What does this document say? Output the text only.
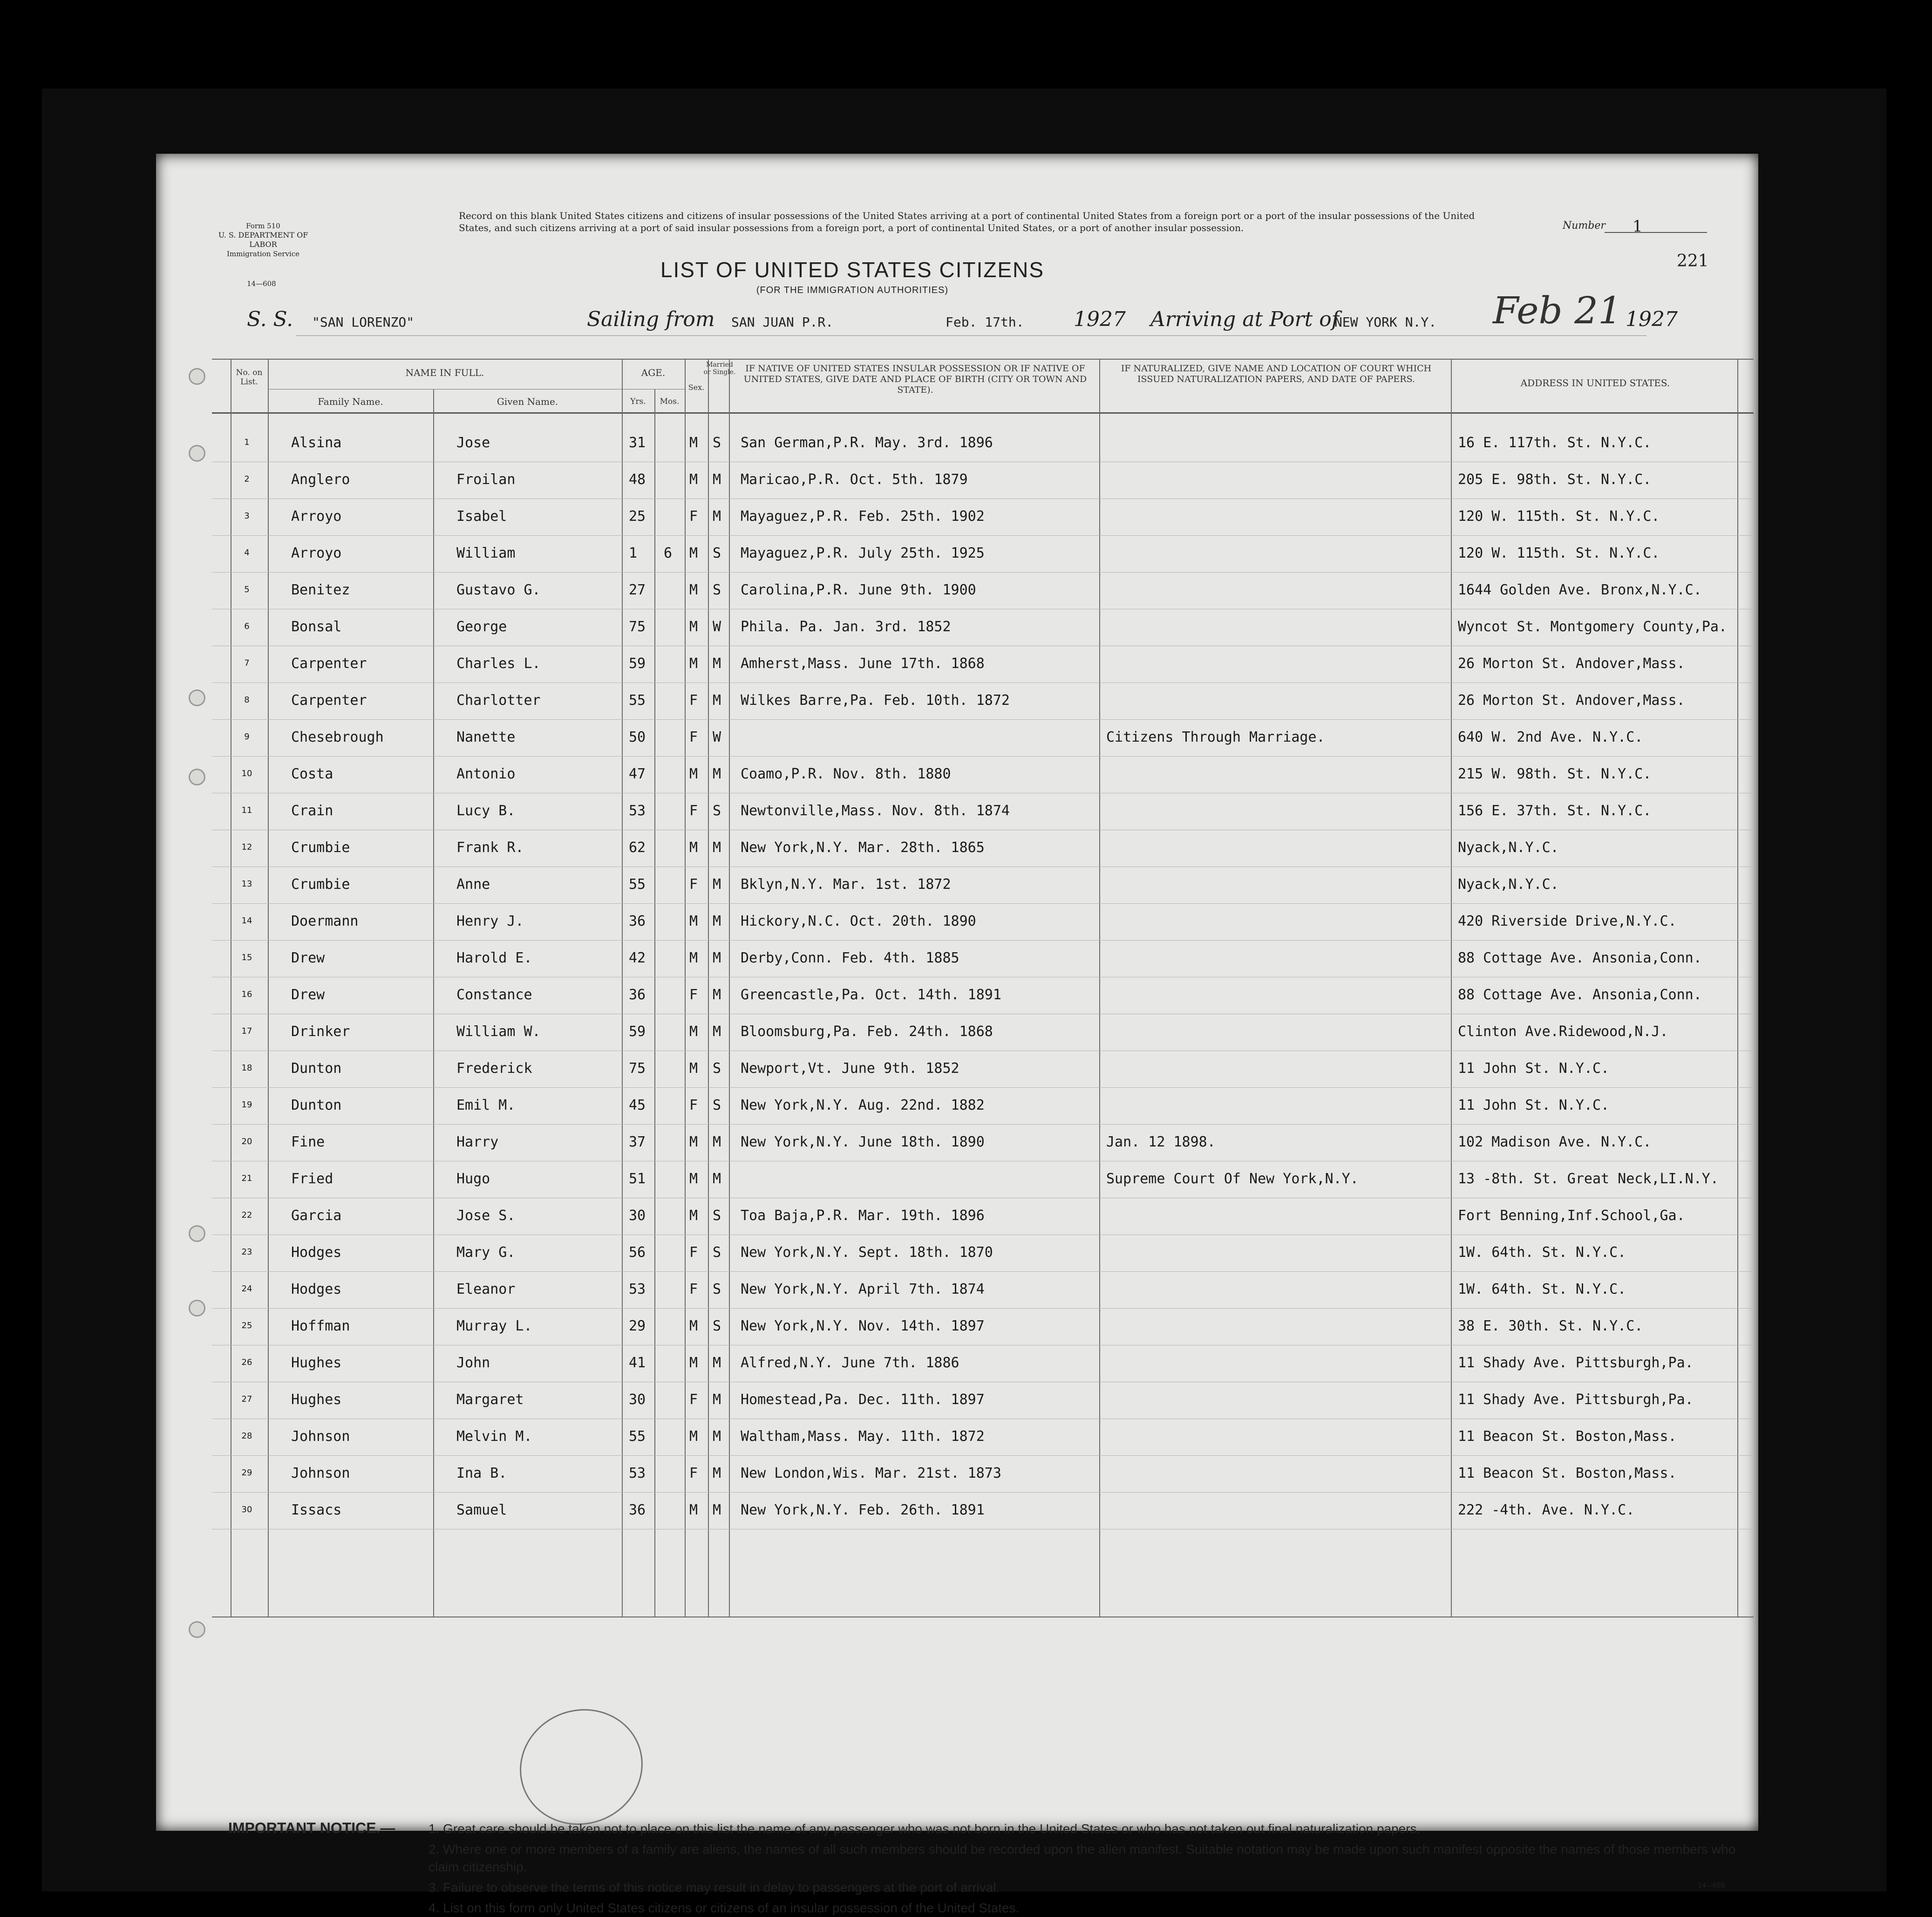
Form 510
U. S. DEPARTMENT OF LABOR
Immigration Service
14—608
Record on this blank United States citizens and citizens of insular possessions of the United States arriving at a port of continental United States from a foreign port or a port of the insular possessions of the United States, and such citizens arriving at a port of said insular possessions from a foreign port, a port of continental United States, or a port of another insular possession.	Number 1
221
LIST OF UNITED STATES CITIZENS
(FOR THE IMMIGRATION AUTHORITIES)
S. S. "SAN LORENZO"	Sailing from SAN JUAN P.R.	Feb. 17th. 1927 Arriving at Port of
NEW YORK N.Y. Feb 21 1927
No. on List.
NAME IN FULL.
Family Name.	Given Name.
AGE.
Yrs.	Mos.
Sex.
Married or Single.	IF NATIVE OF UNITED STATES INSULAR POSSESSION OR IF NATIVE OF UNITED STATES, GIVE DATE AND PLACE OF BIRTH (CITY OR TOWN AND STATE).
IF NATURALIZED, GIVE NAME AND LOCATION OF COURT WHICH ISSUED NATURALIZATION PAPERS, AND DATE OF PAPERS.	ADDRESS IN UNITED STATES.
1	Alsina	Jose	31	M S San German,P.R. May. 3rd. 1896	16 E. 117th. St. N.Y.C.
2	Anglero	Froilan	48	M M Maricao,P.R. Oct. 5th. 1879	205 E. 98th. St. N.Y.C.
3	Arroyo	Isabel	25	F M Mayaguez,P.R. Feb. 25th. 1902	120 W. 115th. St. N.Y.C.
4	Arroyo	William	1 6 M S Mayaguez,P.R. July 25th. 1925	120 W. 115th. St. N.Y.C.
5	Benitez	Gustavo G.	27	M S Carolina,P.R. June 9th. 1900	1644 Golden Ave. Bronx,N.Y.C.
6	Bonsal	George	75	M W Phila. Pa. Jan. 3rd. 1852	Wyncot St. Montgomery County,Pa.
7	Carpenter	Charles L.	59	M M Amherst,Mass. June 17th. 1868	26 Morton St. Andover,Mass.
8	Carpenter	Charlotter	55	F M Wilkes Barre,Pa. Feb. 10th. 1872	26 Morton St. Andover,Mass.
9	Chesebrough	Nanette	50	F W	Citizens Through Marriage.	640 W. 2nd Ave. N.Y.C.
10	Costa	Antonio	47	M M Coamo,P.R. Nov. 8th. 1880	215 W. 98th. St. N.Y.C.
11	Crain	Lucy B.	53	F S Newtonville,Mass. Nov. 8th. 1874	156 E. 37th. St. N.Y.C.
12	Crumbie	Frank R.	62	M M New York,N.Y. Mar. 28th. 1865	Nyack,N.Y.C.
13	Crumbie	Anne	55	F M Bklyn,N.Y. Mar. 1st. 1872	Nyack,N.Y.C.
14	Doermann	Henry J.	36	M M Hickory,N.C. Oct. 20th. 1890	420 Riverside Drive,N.Y.C.
15	Drew	Harold E.	42	M M Derby,Conn. Feb. 4th. 1885	88 Cottage Ave. Ansonia,Conn.
16	Drew	Constance	36	F M Greencastle,Pa. Oct. 14th. 1891	88 Cottage Ave. Ansonia,Conn.
17	Drinker	William W.	59	M M Bloomsburg,Pa. Feb. 24th. 1868	Clinton Ave.Ridewood,N.J.
18	Dunton	Frederick	75	M S Newport,Vt. June 9th. 1852	11 John St. N.Y.C.
19	Dunton	Emil M.	45	F S New York,N.Y. Aug. 22nd. 1882	11 John St. N.Y.C.
20	Fine	Harry	37	M M New York,N.Y. June 18th. 1890	Jan. 12 1898.	102 Madison Ave. N.Y.C.
21	Fried	Hugo	51	M M	Supreme Court Of New York,N.Y.	13 -8th. St. Great Neck,LI.N.Y.
22	Garcia	Jose S.	30	M S Toa Baja,P.R. Mar. 19th. 1896	Fort Benning,Inf.School,Ga.
23	Hodges	Mary G.	56	F S New York,N.Y. Sept. 18th. 1870	1W. 64th. St. N.Y.C.
24	Hodges	Eleanor	53	F S New York,N.Y. April 7th. 1874	1W. 64th. St. N.Y.C.
25	Hoffman	Murray L.	29	M S New York,N.Y. Nov. 14th. 1897	38 E. 30th. St. N.Y.C.
26	Hughes	John	41	M M Alfred,N.Y. June 7th. 1886	11 Shady Ave. Pittsburgh,Pa.
27	Hughes	Margaret	30	F M Homestead,Pa. Dec. 11th. 1897	11 Shady Ave. Pittsburgh,Pa.
28	Johnson	Melvin M.	55	M M Waltham,Mass. May. 11th. 1872	11 Beacon St. Boston,Mass.
29	Johnson	Ina B.	53	F M New London,Wis. Mar. 21st. 1873	11 Beacon St. Boston,Mass.
30	Issacs	Samuel	36	M M New York,N.Y. Feb. 26th. 1891	222 -4th. Ave. N.Y.C.
IMPORTANT NOTICE.—	1. Great care should be taken not to place on this list the name of any passenger who was not born in the United States or who has not taken out final naturalization papers.
2. Where one or more members of a family are aliens, the names of all such members should be recorded upon the alien manifest. Suitable notation may be made upon such manifest opposite the names of those members who claim citizenship.
3. Failure to observe the terms of this notice may result in delay to passengers at the port of arrival.
4. List on this form only United States citizens or citizens of an insular possession of the United States.
14—608
